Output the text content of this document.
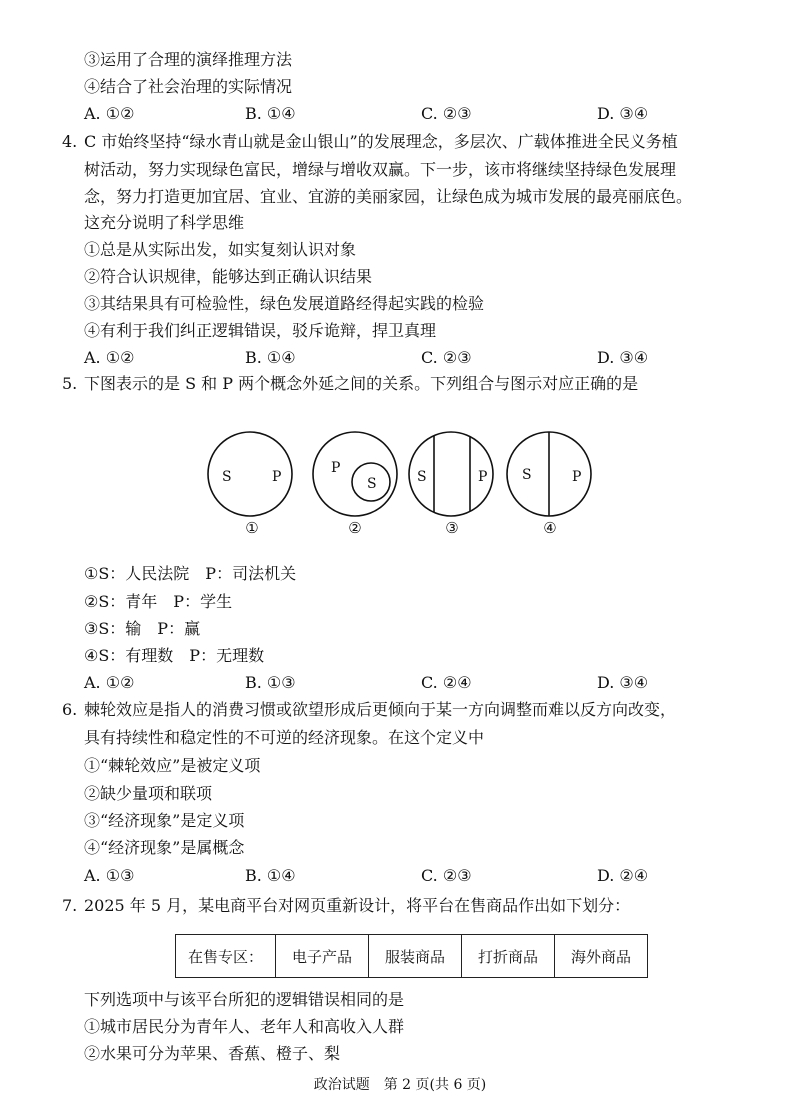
③运用了合理的演绎推理方法
④结合了社会治理的实际情况
A. ①②	B. ①④	C. ②③	D. ③④
4. C 市始终坚持“绿水青山就是金山银山”的发展理念，多层次、广载体推进全民义务植
树活动，努力实现绿色富民，增绿与增收双赢。下一步，该市将继续坚持绿色发展理
念，努力打造更加宜居、宜业、宜游的美丽家园，让绿色成为城市发展的最亮丽底色。
这充分说明了科学思维
①总是从实际出发，如实复刻认识对象
②符合认识规律，能够达到正确认识结果
③其结果具有可检验性，绿色发展道路经得起实践的检验
④有利于我们纠正逻辑错误，驳斥诡辩，捍卫真理
A. ①②	B. ①④	C. ②③	D. ③④
5. 下图表示的是 S 和 P 两个概念外延之间的关系。下列组合与图示对应正确的是
S	P
P
S	S	P S	P
①	②	③	④
①S：人民法院　P：司法机关
②S：青年　P：学生
③S：输　P：赢
④S：有理数　P：无理数
A. ①②	B. ①③	C. ②④	D. ③④
6. 棘轮效应是指人的消费习惯或欲望形成后更倾向于某一方向调整而难以反方向改变，
具有持续性和稳定性的不可逆的经济现象。在这个定义中
①“棘轮效应”是被定义项
②缺少量项和联项
③“经济现象”是定义项
④“经济现象”是属概念
A. ①③	B. ①④	C. ②③	D. ②④
7. 2025 年 5 月，某电商平台对网页重新设计，将平台在售商品作出如下划分：
在售专区：	电子产品	服装商品	打折商品	海外商品
下列选项中与该平台所犯的逻辑错误相同的是
①城市居民分为青年人、老年人和高收入人群
②水果可分为苹果、香蕉、橙子、梨
政治试题　第 2 页(共 6 页)
